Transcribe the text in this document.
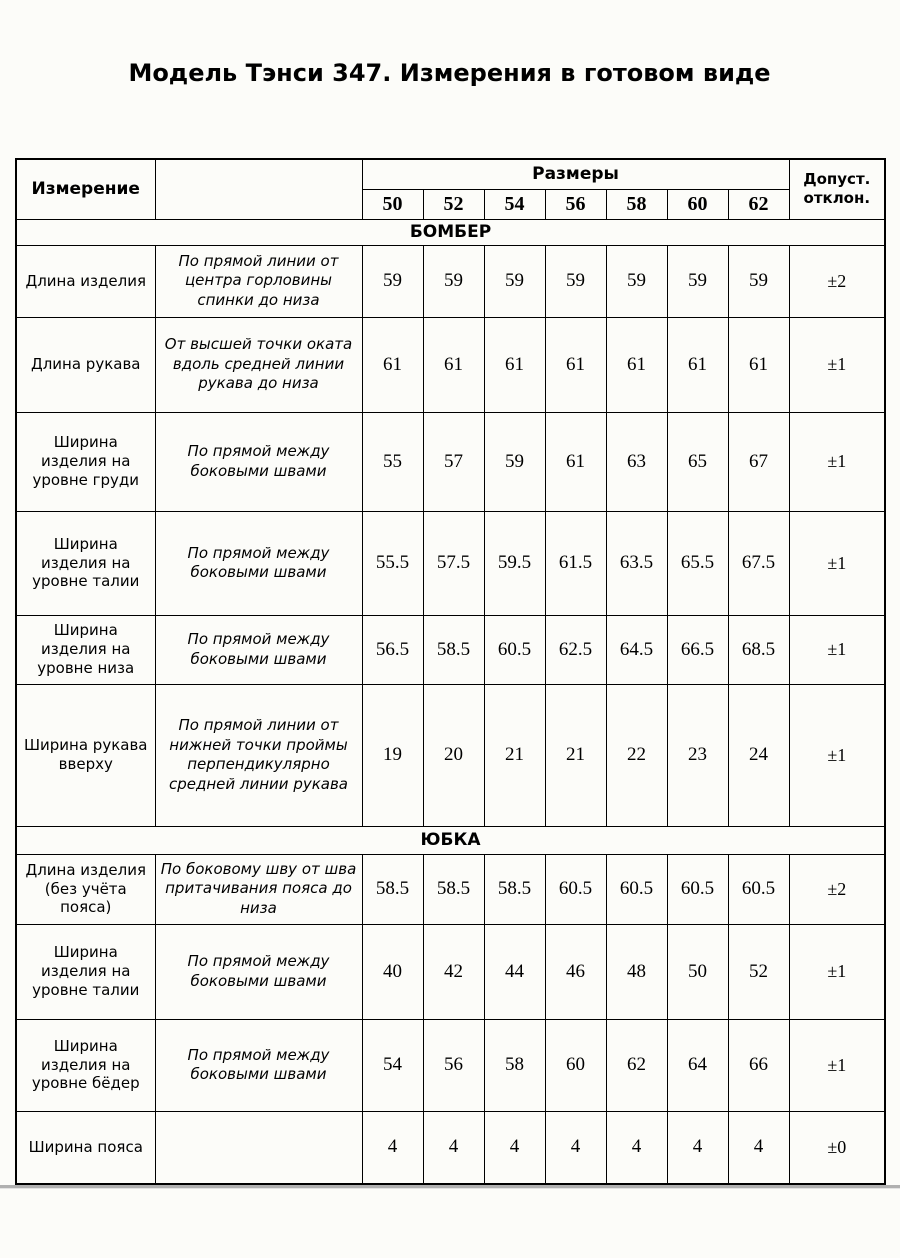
Модель Тэнси 347. Измерения в готовом виде
Измерение		Размеры							Допуст. отклон.
		50	52	54	56	58	60	62	
БОМБЕР									
Длина изделия	По прямой линии от центра горловины спинки до низа	59	59	59	59	59	59	59	±2
Длина рукава	От высшей точки оката вдоль средней линии рукава до низа	61	61	61	61	61	61	61	±1
Ширина изделия на уровне груди	По прямой между боковыми швами	55	57	59	61	63	65	67	±1
Ширина изделия на уровне талии	По прямой между боковыми швами	55.5	57.5	59.5	61.5	63.5	65.5	67.5	±1
Ширина изделия на уровне низа	По прямой между боковыми швами	56.5	58.5	60.5	62.5	64.5	66.5	68.5	±1
Ширина рукава вверху	По прямой линии от нижней точки проймы перпендикулярно средней линии рукава	19	20	21	21	22	23	24	±1
ЮБКА									
Длина изделия (без учёта пояса)	По боковому шву от шва притачивания пояса до низа	58.5	58.5	58.5	60.5	60.5	60.5	60.5	±2
Ширина изделия на уровне талии	По прямой между боковыми швами	40	42	44	46	48	50	52	±1
Ширина изделия на уровне бёдер	По прямой между боковыми швами	54	56	58	60	62	64	66	±1
Ширина пояса		4	4	4	4	4	4	4	±0
